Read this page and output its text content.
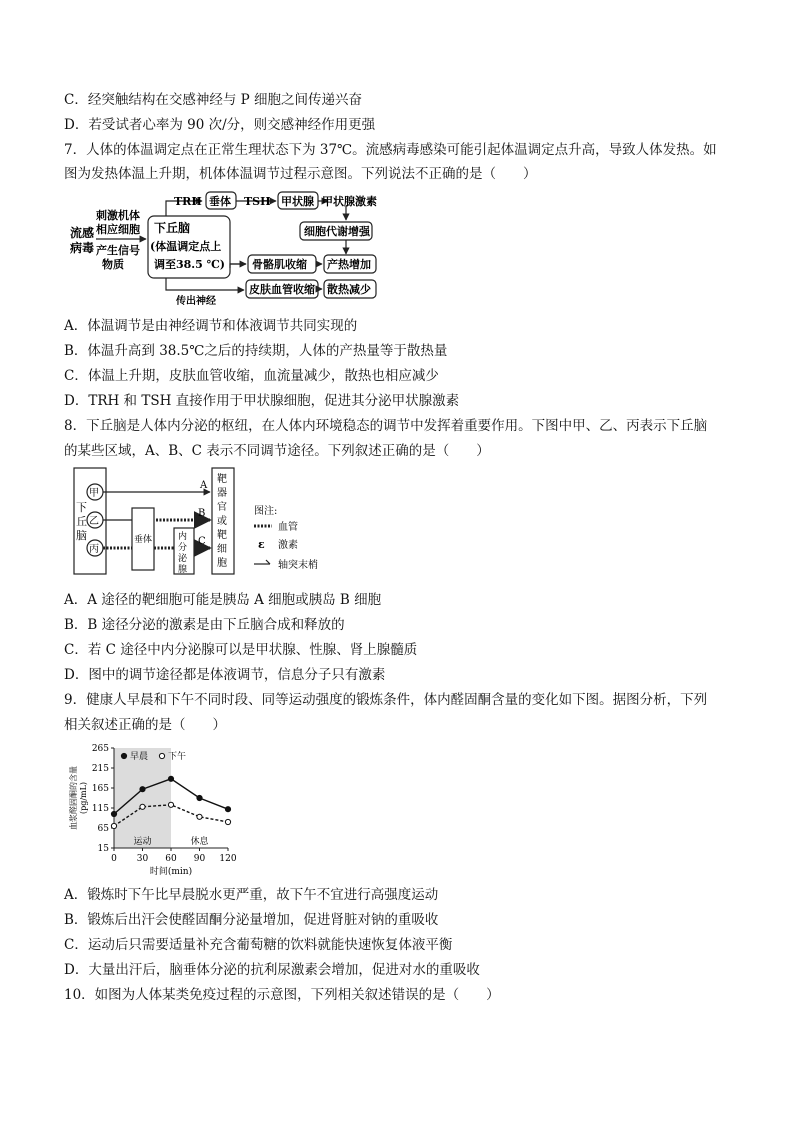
C．经突触结构在交感神经与 P 细胞之间传递兴奋
D．若受试者心率为 90 次/分，则交感神经作用更强
7．人体的体温调定点在正常生理状态下为 37℃。流感病毒感染可能引起体温调定点升高，导致人体发热。如
图为发热体温上升期，机体体温调节过程示意图。下列说法不正确的是（　　）
流感
病毒
刺激机体
相应细胞
产生信号
物质
下丘脑
(体温调定点上
调至38.5 ℃)
TRH 垂体 TSH 甲状腺 甲状腺激素
细胞代谢增强
骨骼肌收缩 产热增加
皮肤血管收缩 散热减少
传出神经
A．体温调节是由神经调节和体液调节共同实现的
B．体温升高到 38.5℃之后的持续期，人体的产热量等于散热量
C．体温上升期，皮肤血管收缩，血流量减少，散热也相应减少
D．TRH 和 TSH 直接作用于甲状腺细胞，促进其分泌甲状腺激素
8．下丘脑是人体内分泌的枢纽，在人体内环境稳态的调节中发挥着重要作用。下图中甲、乙、丙表示下丘脑
的某些区域，A、B、C 表示不同调节途径。下列叙述正确的是（　　）
下
丘
脑
甲
乙
丙
靶
器
官
或
靶
细
胞
A
垂体
B
内
分
泌
腺
C
图注:
血管
ɛ 激素
轴突末梢
A．A 途径的靶细胞可能是胰岛 A 细胞或胰岛 B 细胞
B．B 途径分泌的激素是由下丘脑合成和释放的
C．若 C 途径中内分泌腺可以是甲状腺、性腺、肾上腺髓质
D．图中的调节途径都是体液调节，信息分子只有激素
9．健康人早晨和下午不同时段、同等运动强度的锻炼条件，体内醛固酮含量的变化如下图。据图分析，下列
相关叙述正确的是（　　）
运动	休息
15
65
115
165
215
265
0 30 60 90 120
时间(min)
血浆醛固酮的含量 (pg/mL)
早晨 下午
A．锻炼时下午比早晨脱水更严重，故下午不宜进行高强度运动
B．锻炼后出汗会使醛固酮分泌量增加，促进肾脏对钠的重吸收
C．运动后只需要适量补充含葡萄糖的饮料就能快速恢复体液平衡
D．大量出汗后，脑垂体分泌的抗利尿激素会增加，促进对水的重吸收
10．如图为人体某类免疫过程的示意图，下列相关叙述错误的是（　　）
